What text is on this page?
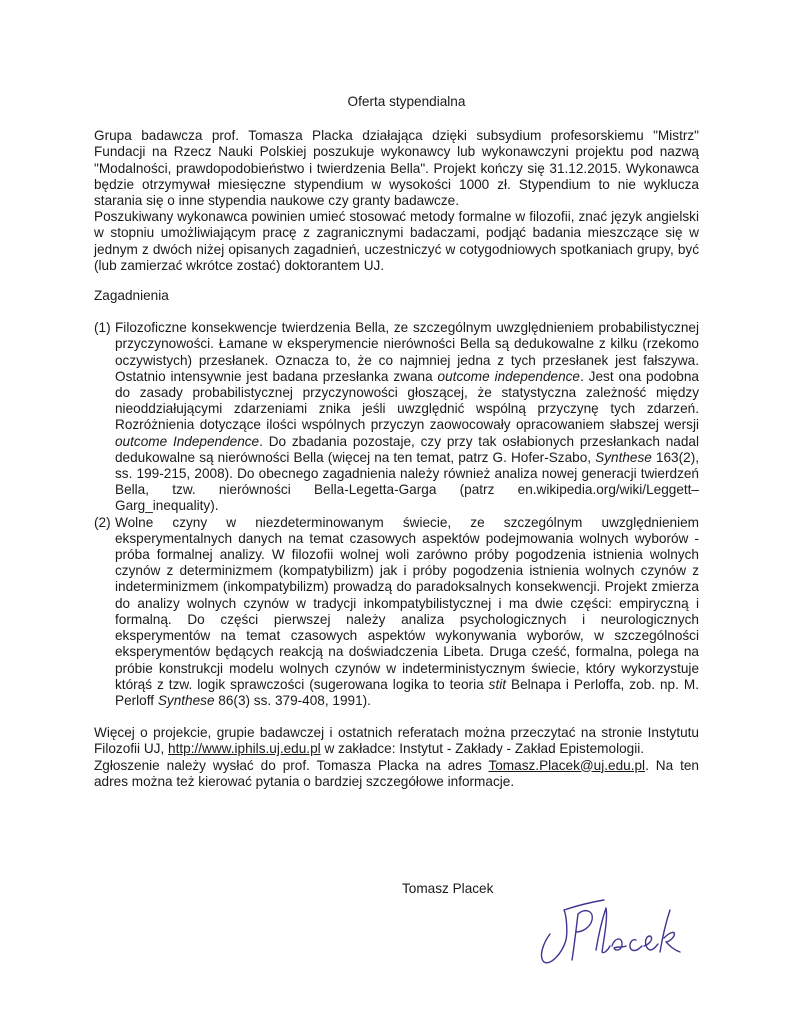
Oferta stypendialna

Grupa badawcza prof. Tomasza Placka działająca dzięki subsydium profesorskiemu "Mistrz" Fundacji na Rzecz Nauki Polskiej poszukuje wykonawcy lub wykonawczyni projektu pod nazwą "Modalności, prawdopodobieństwo i twierdzenia Bella". Projekt kończy się 31.12.2015. Wykonawca będzie otrzymywał miesięczne stypendium w wysokości 1000 zł. Stypendium to nie wyklucza starania się o inne stypendia naukowe czy granty badawcze.

Poszukiwany wykonawca powinien umieć stosować metody formalne w filozofii, znać język angielski w stopniu umożliwiającym pracę z zagranicznymi badaczami, podjąć badania mieszczące się w jednym z dwóch niżej opisanych zagadnień, uczestniczyć w cotygodniowych spotkaniach grupy, być (lub zamierzać wkrótce zostać) doktorantem UJ.

Zagadnienia
(1) Filozoficzne konsekwencje twierdzenia Bella, ze szczególnym uwzględnieniem probabilistycznej przyczynowości. Łamane w eksperymencie nierówności Bella są dedukowalne z kilku (rzekomo oczywistych) przesłanek. Oznacza to, że co najmniej jedna z tych przesłanek jest fałszywa. Ostatnio intensywnie jest badana przesłanka zwana outcome independence. Jest ona podobna do zasady probabilistycznej przyczynowości głoszącej, że statystyczna zależność między nieoddziałującymi zdarzeniami znika jeśli uwzględnić wspólną przyczynę tych zdarzeń. Rozróżnienia dotyczące ilości wspólnych przyczyn zaowocowały opracowaniem słabszej wersji outcome Independence. Do zbadania pozostaje, czy przy tak osłabionych przesłankach nadal dedukowalne są nierówności Bella (więcej na ten temat, patrz G. Hofer-Szabo, Synthese 163(2), ss. 199-215, 2008). Do obecnego zagadnienia należy również analiza nowej generacji twierdzeń Bella, tzw. nierówności Bella-Legetta-Garga (patrz en.wikipedia.org/wiki/Leggett–Garg_inequality).
(2) Wolne czyny w niezdeterminowanym świecie, ze szczególnym uwzględnieniem eksperymentalnych danych na temat czasowych aspektów podejmowania wolnych wyborów - próba formalnej analizy. W filozofii wolnej woli zarówno próby pogodzenia istnienia wolnych czynów z determinizmem (kompatybilizm) jak i próby pogodzenia istnienia wolnych czynów z indeterminizmem (inkompatybilizm) prowadzą do paradoksalnych konsekwencji. Projekt zmierza do analizy wolnych czynów w tradycji inkompatybilistycznej i ma dwie części: empiryczną i formalną. Do części pierwszej należy analiza psychologicznych i neurologicznych eksperymentów na temat czasowych aspektów wykonywania wyborów, w szczególności eksperymentów będących reakcją na doświadczenia Libeta. Druga cześć, formalna, polega na próbie konstrukcji modelu wolnych czynów w indeterministycznym świecie, który wykorzystuje którąś z tzw. logik sprawczości (sugerowana logika to teoria stit Belnapa i Perloffa, zob. np. M. Perloff Synthese 86(3) ss. 379-408, 1991).

Więcej o projekcie, grupie badawczej i ostatnich referatach można przeczytać na stronie Instytutu Filozofii UJ, http://www.iphils.uj.edu.pl w zakładce: Instytut - Zakłady - Zakład Epistemologii.

Zgłoszenie należy wysłać do prof. Tomasza Placka na adres Tomasz.Placek@uj.edu.pl. Na ten adres można też kierować pytania o bardziej szczegółowe informacje.

Tomasz Placek
